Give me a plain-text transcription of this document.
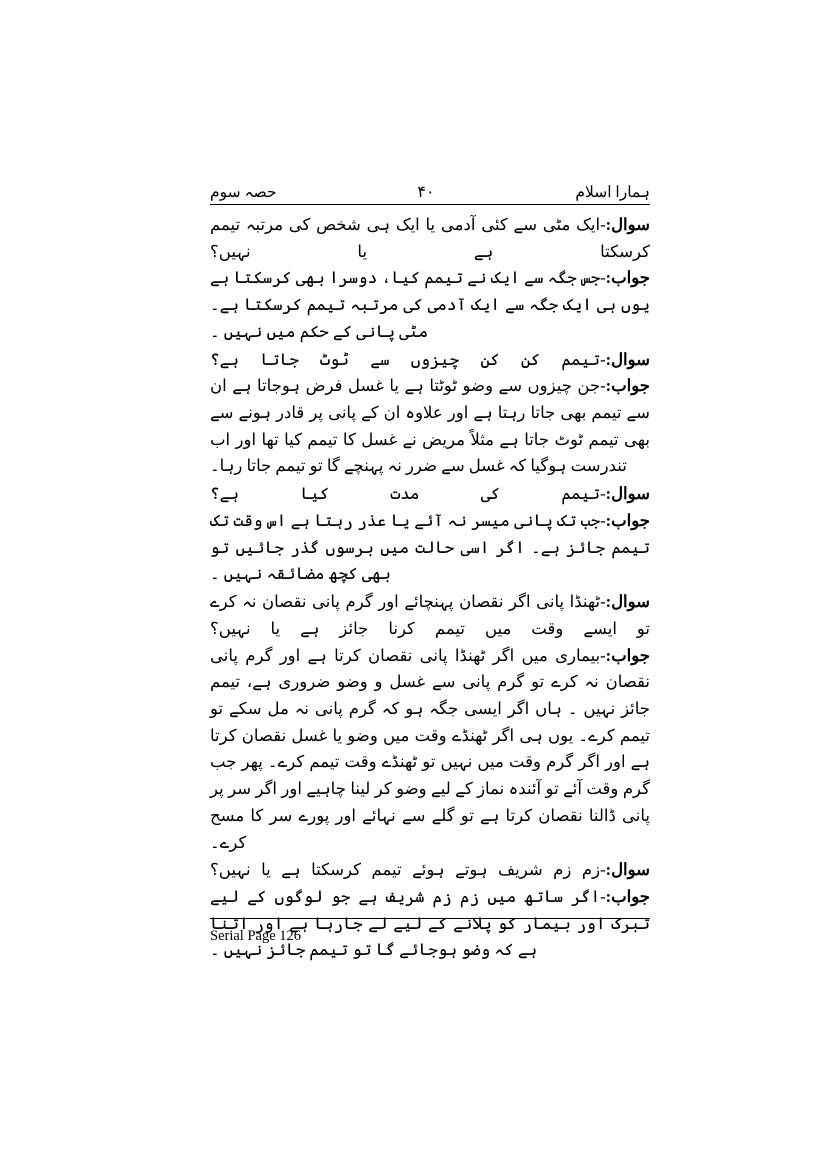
ہمارا اسلام
۴۰
حصہ سوم

سوال:-ایک مٹی سے کئی آدمی یا ایک ہی شخص کی مرتبہ تیمم کرسکتا ہے یا نہیں؟

جواب:-جس جگہ سے ایک نے تیمم کیا، دوسرا بھی کرسکتا ہے یوں ہی ایک جگہ سے ایک آدمی کی مرتبہ تیمم کرسکتا ہے۔ مٹی پانی کے حکم میں نہیں ۔

سوال:-تیمم کن کن چیزوں سے ٹوٹ جاتا ہے؟

جواب:-جن چیزوں سے وضو ٹوٹتا ہے یا غسل فرض ہوجاتا ہے ان سے تیمم بھی جاتا رہتا ہے اور علاوہ ان کے پانی پر قادر ہونے سے بھی تیمم ٹوٹ جاتا ہے مثلاً مریض نے غسل کا تیمم کیا تھا اور اب تندرست ہوگیا کہ غسل سے ضرر نہ پہنچے گا تو تیمم جاتا رہا۔

سوال:-تیمم کی مدت کیا ہے؟

جواب:-جب تک پانی میسر نہ آئے یا عذر رہتا ہے اس وقت تک تیمم جائز ہے۔ اگر اسی حالت میں برسوں گذر جائیں تو بھی کچھ مضائقہ نہیں ۔

سوال:-ٹھنڈا پانی اگر نقصان پہنچائے اور گرم پانی نقصان نہ کرے تو ایسے وقت میں تیمم کرنا جائز ہے یا نہیں؟

جواب:-بیماری میں اگر ٹھنڈا پانی نقصان کرتا ہے اور گرم پانی نقصان نہ کرے تو گرم پانی سے غسل و وضو ضروری ہے، تیمم جائز نہیں ۔ ہاں اگر ایسی جگہ ہو کہ گرم پانی نہ مل سکے تو تیمم کرے۔ یوں ہی اگر ٹھنڈے وقت میں وضو یا غسل نقصان کرتا ہے اور اگر گرم وقت میں نہیں تو ٹھنڈے وقت تیمم کرے۔ پھر جب گرم وقت آئے تو آئندہ نماز کے لیے وضو کر لینا چاہیے اور اگر سر پر پانی ڈالنا نقصان کرتا ہے تو گلے سے نہائے اور پورے سر کا مسح کرے۔

سوال:-زم زم شریف ہوتے ہوئے تیمم کرسکتا ہے یا نہیں؟

جواب:-اگر ساتھ میں زم زم شریف ہے جو لوگوں کے لیے تبرک اور بیمار کو پلانے کے لیے لے جارہا ہے اور اتنا ہے کہ وضو ہوجائے گا تو تیمم جائز نہیں ۔

Serial Page 126
